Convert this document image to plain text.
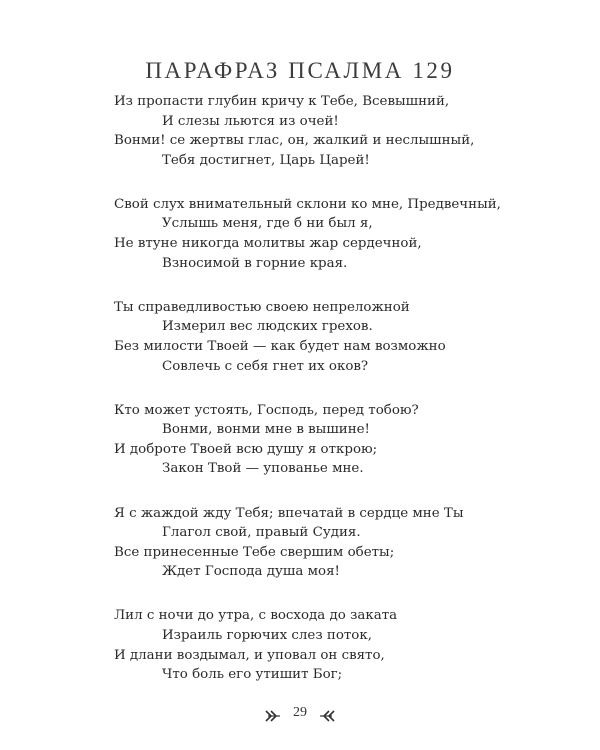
ПАРАФРАЗ ПСАЛМА 129
Из пропасти глубин кричу к Тебе, Всевышний,
И слезы льются из очей!
Вонми! се жертвы глас, он, жалкий и неслышный,
Тебя достигнет, Царь Царей!
Свой слух внимательный склони ко мне, Предвечный,
Услышь меня, где б ни был я,
Не втуне никогда молитвы жар сердечной,
Взносимой в горние края.
Ты справедливостью своею непреложной
Измерил вес людских грехов.
Без милости Твоей — как будет нам возможно
Совлечь с себя гнет их оков?
Кто может устоять, Господь, перед тобою?
Вонми, вонми мне в вышине!
И доброте Твоей всю душу я открою;
Закон Твой — упованье мне.
Я с жаждой жду Тебя; впечатай в сердце мне Ты
Глагол свой, правый Судия.
Все принесенные Тебе свершим обеты;
Ждет Господа душа моя!
Лил с ночи до утра, с восхода до заката
Израиль горючих слез поток,
И длани воздымал, и уповал он свято,
Что боль его утишит Бог;
29
